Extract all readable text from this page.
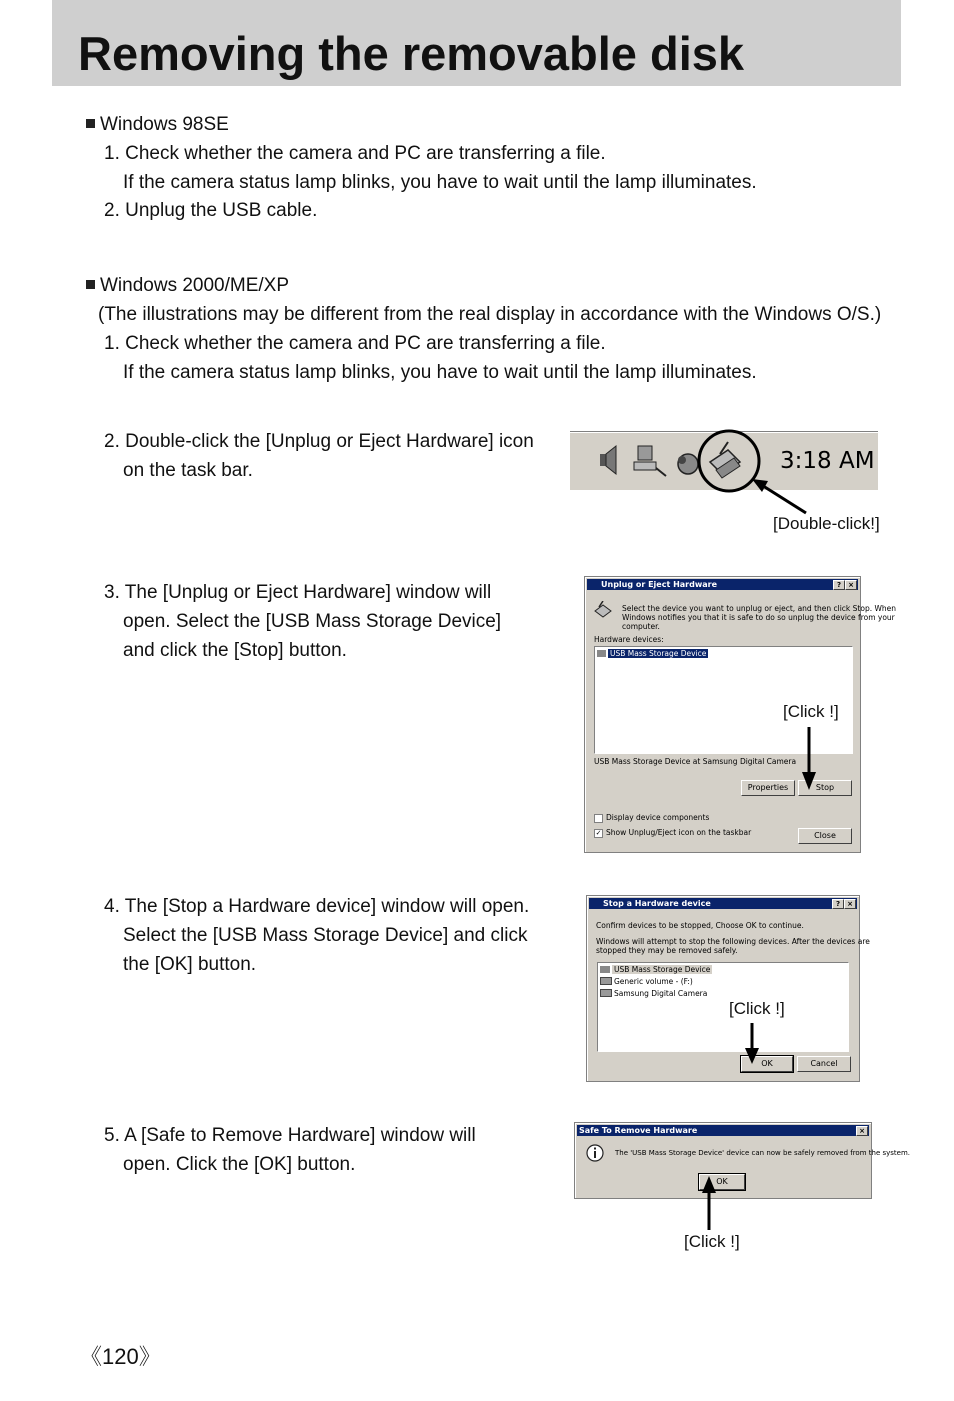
Removing the removable disk
Windows 98SE
1. Check whether the camera and PC are transferring a file.
If the camera status lamp blinks, you have to wait until the lamp illuminates.
2. Unplug the USB cable.
Windows 2000/ME/XP
(The illustrations may be different from the real display in accordance with the Windows O/S.)
1. Check whether the camera and PC are transferring a file.
If the camera status lamp blinks, you have to wait until the lamp illuminates.
2. Double-click the [Unplug or Eject Hardware] icon
on the task bar.
3. The [Unplug or Eject Hardware] window will
open. Select the [USB Mass Storage Device]
and click the [Stop] button.
4. The [Stop a Hardware device] window will open.
Select the [USB Mass Storage Device] and click
the [OK] button.
5. A [Safe to Remove Hardware] window will
open. Click the [OK] button.
3:18 AM
[Double-click!]
Unplug or Eject Hardware	?	×
Select the device you want to unplug or eject, and then click Stop. When
Windows notifies you that it is safe to do so unplug the device from your
computer.
Hardware devices:
USB Mass Storage Device
USB Mass Storage Device at Samsung Digital Camera
Properties	Stop
Display device components
✓ Show Unplug/Eject icon on the taskbar	Close
[Click !]
Stop a Hardware device	?	×
Confirm devices to be stopped, Choose OK to continue.
Windows will attempt to stop the following devices. After the devices are
stopped they may be removed safely.
USB Mass Storage Device
Generic volume - (F:)
Samsung Digital Camera
OK	Cancel
[Click !]
Safe To Remove Hardware	×
The 'USB Mass Storage Device' device can now be safely removed from the system.
OK
[Click !]
《120》
